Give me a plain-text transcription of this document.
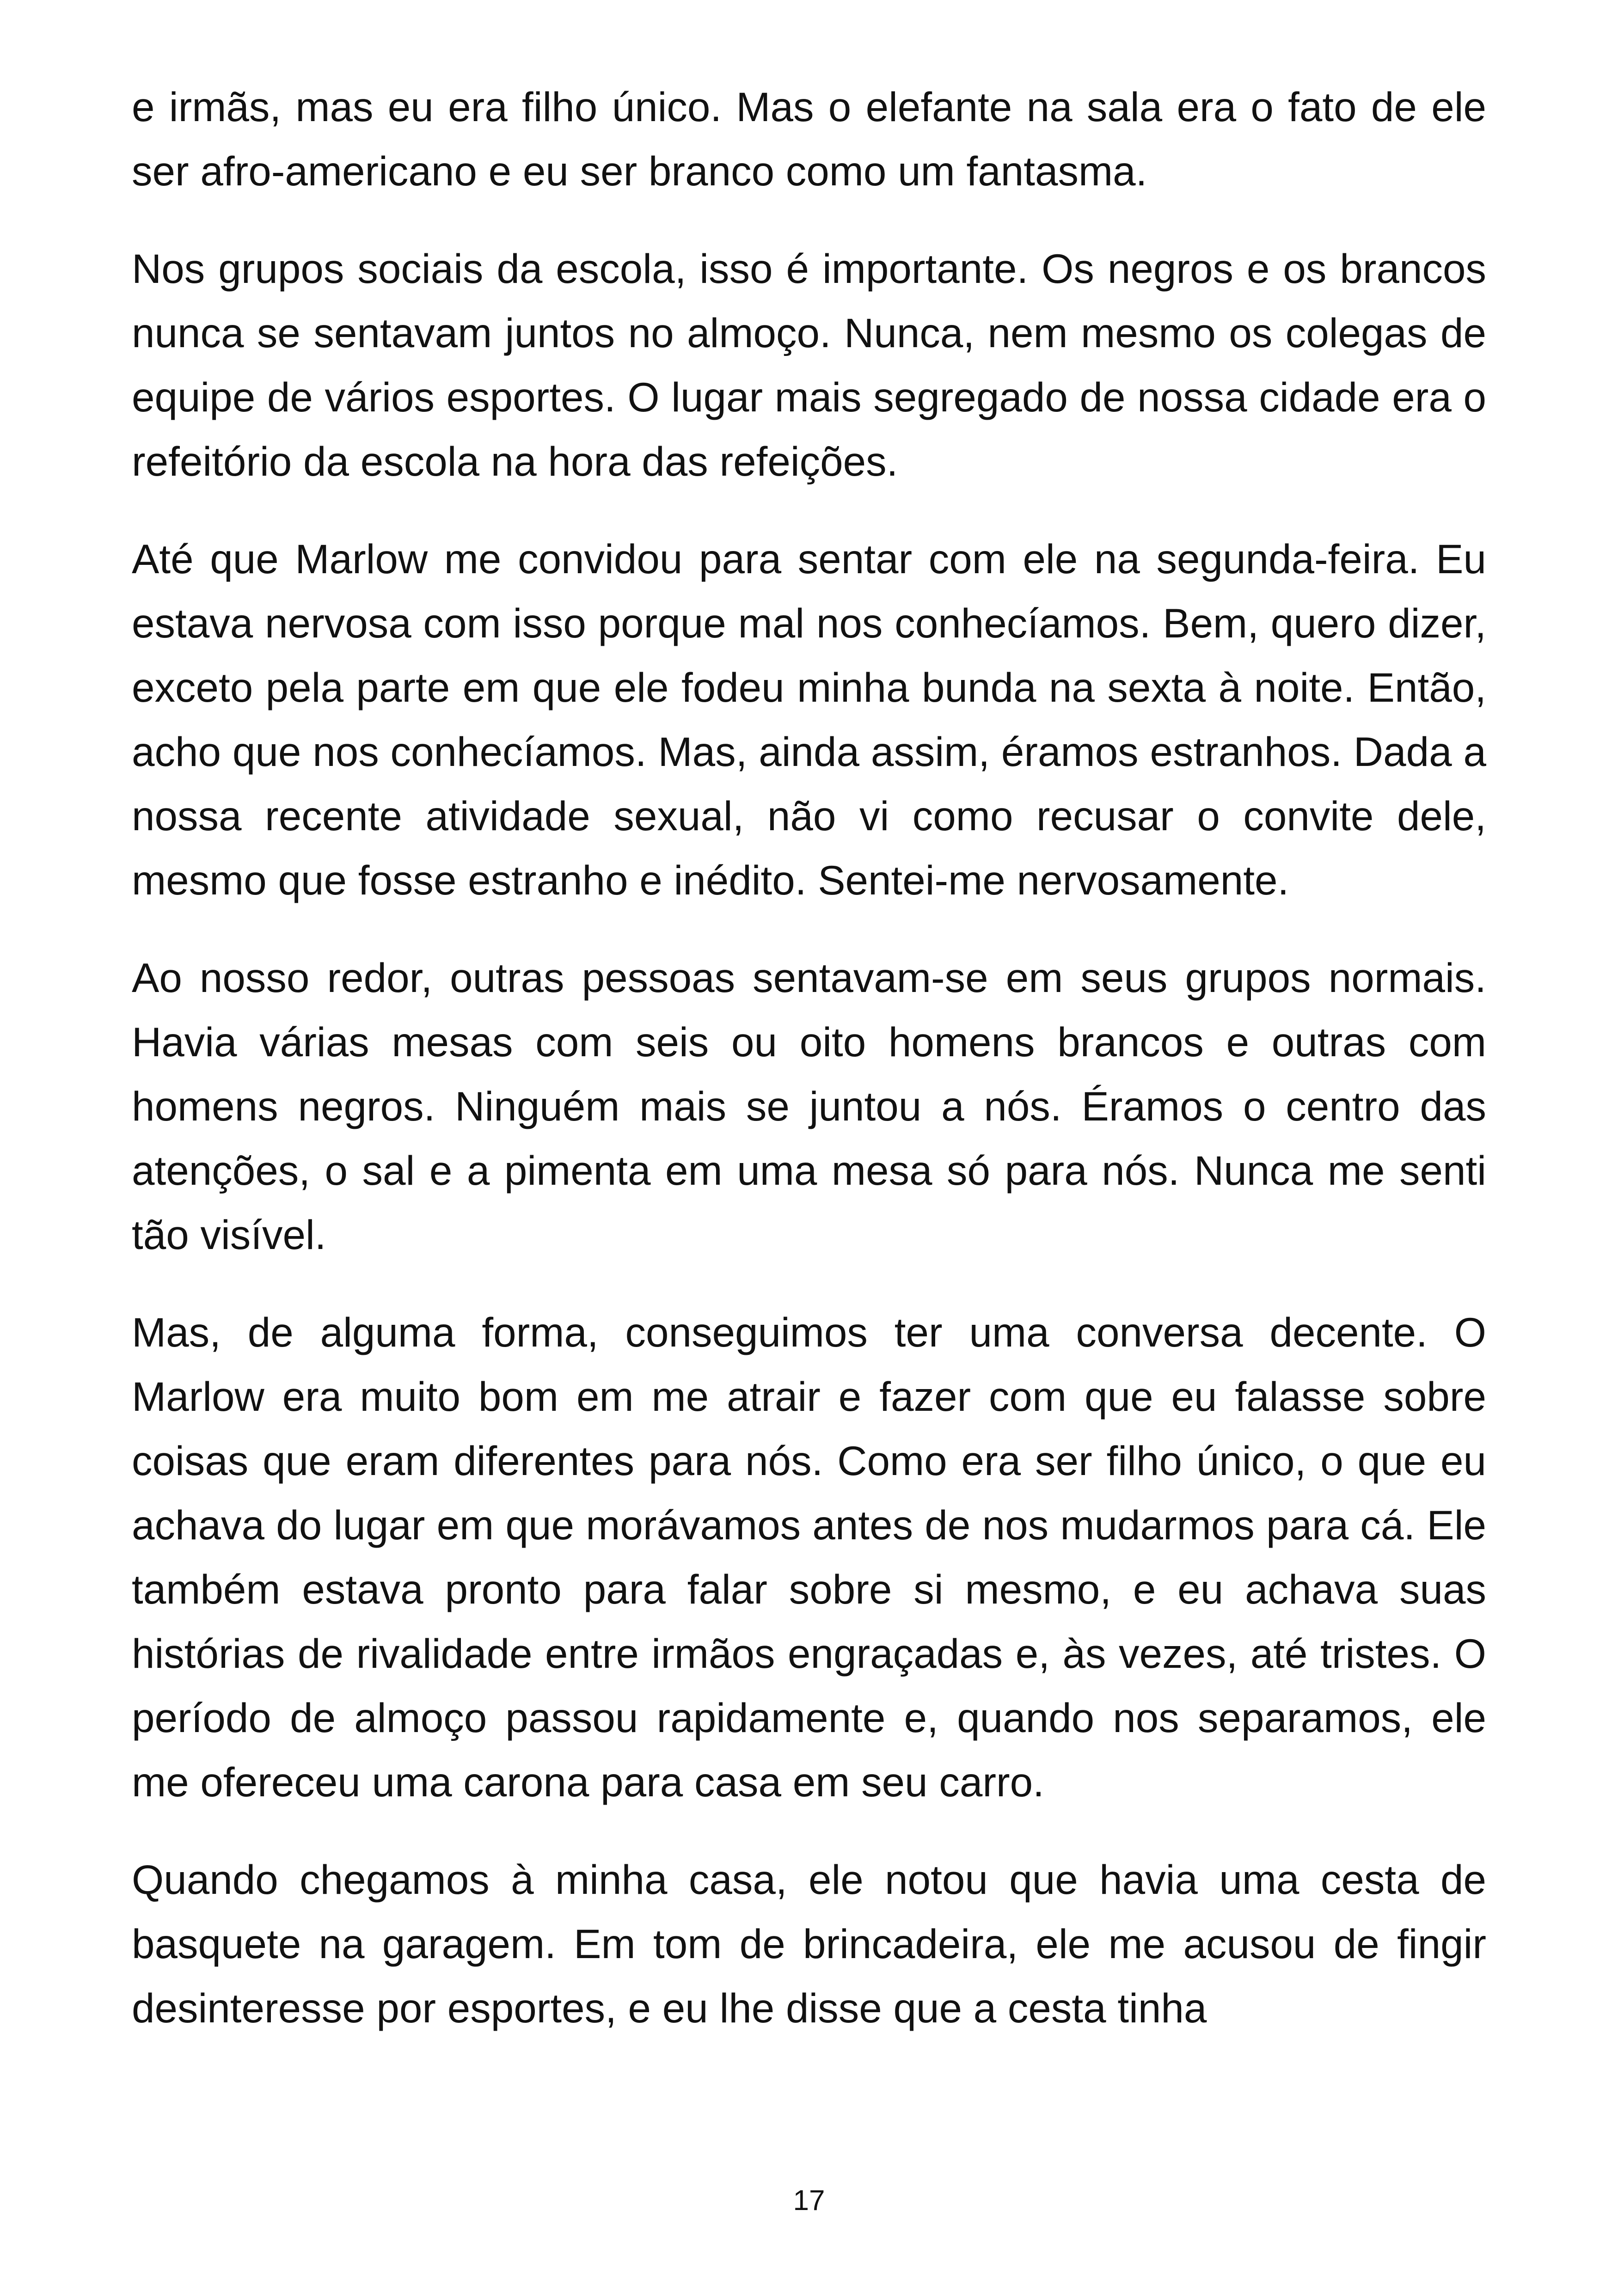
e irmãs, mas eu era filho único. Mas o elefante na sala era o fato de ele ser afro-americano e eu ser branco como um fantasma.

Nos grupos sociais da escola, isso é importante. Os negros e os brancos nunca se sentavam juntos no almoço. Nunca, nem mesmo os colegas de equipe de vários esportes. O lugar mais segregado de nossa cidade era o refeitório da escola na hora das refeições.

Até que Marlow me convidou para sentar com ele na segunda-feira. Eu estava nervosa com isso porque mal nos conhecíamos. Bem, quero dizer, exceto pela parte em que ele fodeu minha bunda na sexta à noite. Então, acho que nos conhecíamos. Mas, ainda assim, éramos estranhos. Dada a nossa recente atividade sexual, não vi como recusar o convite dele, mesmo que fosse estranho e inédito. Sentei-me nervosamente.

Ao nosso redor, outras pessoas sentavam-se em seus grupos normais. Havia várias mesas com seis ou oito homens brancos e outras com homens negros. Ninguém mais se juntou a nós. Éramos o centro das atenções, o sal e a pimenta em uma mesa só para nós. Nunca me senti tão visível.

Mas, de alguma forma, conseguimos ter uma conversa decente. O Marlow era muito bom em me atrair e fazer com que eu falasse sobre coisas que eram diferentes para nós. Como era ser filho único, o que eu achava do lugar em que morávamos antes de nos mudarmos para cá. Ele também estava pronto para falar sobre si mesmo, e eu achava suas histórias de rivalidade entre irmãos engraçadas e, às vezes, até tristes. O período de almoço passou rapidamente e, quando nos separamos, ele me ofereceu uma carona para casa em seu carro.

Quando chegamos à minha casa, ele notou que havia uma cesta de basquete na garagem. Em tom de brincadeira, ele me acusou de fingir desinteresse por esportes, e eu lhe disse que a cesta tinha

17
